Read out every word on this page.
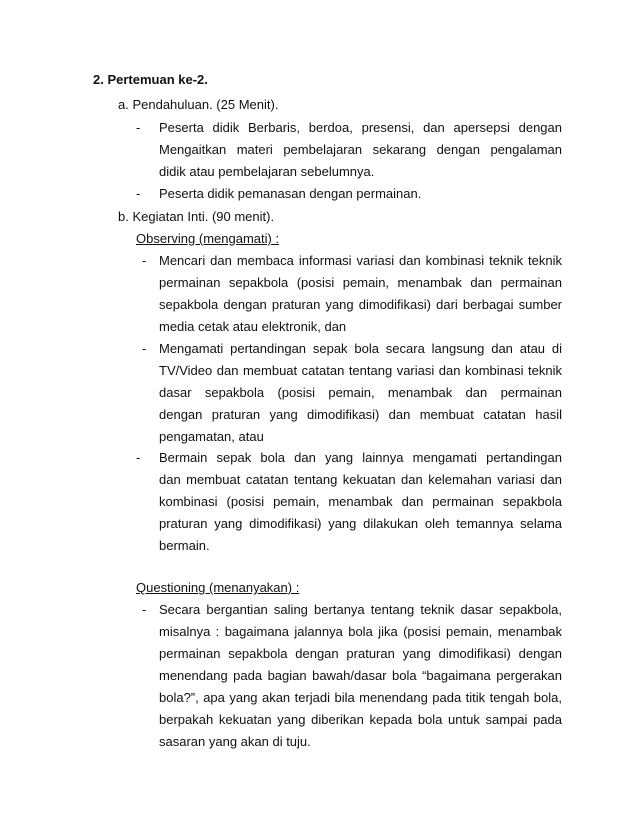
2. Pertemuan ke-2.
a. Pendahuluan. (25 Menit).
- Peserta didik Berbaris, berdoa, presensi, dan apersepsi dengan
Mengaitkan materi pembelajaran sekarang dengan pengalaman
didik atau pembelajaran sebelumnya.
- Peserta didik pemanasan dengan permainan.
b. Kegiatan Inti. (90 menit).
Observing (mengamati) :
- Mencari dan membaca informasi variasi dan kombinasi teknik teknik
permainan sepakbola (posisi pemain, menambak dan permainan
sepakbola dengan praturan yang dimodifikasi) dari berbagai sumber
media cetak atau elektronik, dan
- Mengamati pertandingan sepak bola secara langsung dan atau di
TV/Video dan membuat catatan tentang variasi dan kombinasi teknik
dasar sepakbola (posisi pemain, menambak dan permainan
dengan praturan yang dimodifikasi) dan membuat catatan hasil
pengamatan, atau
- Bermain sepak bola dan yang lainnya mengamati pertandingan
dan membuat catatan tentang kekuatan dan kelemahan variasi dan
kombinasi (posisi pemain, menambak dan permainan sepakbola
praturan yang dimodifikasi) yang dilakukan oleh temannya selama
bermain.
Questioning (menanyakan) :
- Secara bergantian saling bertanya tentang teknik dasar sepakbola,
misalnya : bagaimana jalannya bola jika (posisi pemain, menambak
permainan sepakbola dengan praturan yang dimodifikasi) dengan
menendang pada bagian bawah/dasar bola “bagaimana pergerakan
bola?”, apa yang akan terjadi bila menendang pada titik tengah bola,
berpakah kekuatan yang diberikan kepada bola untuk sampai pada
sasaran yang akan di tuju.
